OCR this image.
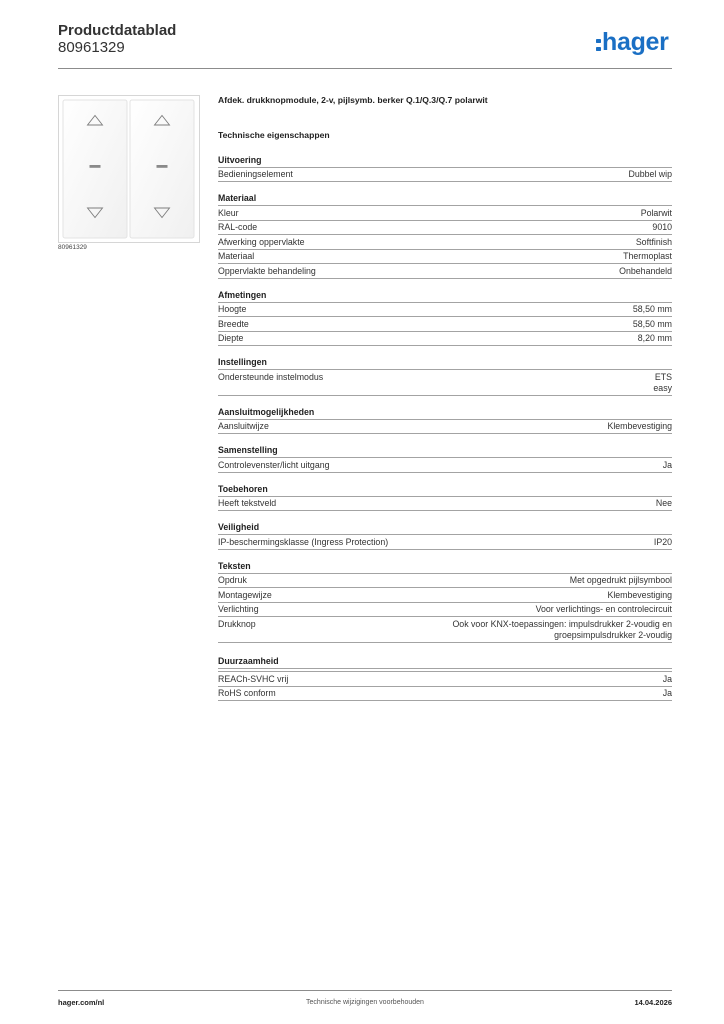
Productdatablad
80961329	hager
80961329
Afdek. drukknopmodule, 2-v, pijlsymb. berker Q.1/Q.3/Q.7 polarwit
Technische eigenschappen
Uitvoering
Bedieningselement	Dubbel wip
Materiaal
Kleur	Polarwit
RAL-code	9010
Afwerking oppervlakte	Softfinish
Materiaal	Thermoplast
Oppervlakte behandeling	Onbehandeld
Afmetingen
Hoogte	58,50 mm
Breedte	58,50 mm
Diepte	8,20 mm
Instellingen
Ondersteunde instelmodus	ETS
easy
Aansluitmogelijkheden
Aansluitwijze	Klembevestiging
Samenstelling
Controlevenster/licht uitgang	Ja
Toebehoren
Heeft tekstveld	Nee
Veiligheid
IP-beschermingsklasse (Ingress Protection)	IP20
Teksten
Opdruk	Met opgedrukt pijlsymbool
Montagewijze	Klembevestiging
Verlichting	Voor verlichtings- en controlecircuit
Drukknop	Ook voor KNX-toepassingen: impulsdrukker 2-voudig en groepsimpulsdrukker 2-voudig
Duurzaamheid
REACh-SVHC vrij	Ja
RoHS conform	Ja
hager.com/nl	Technische wijzigingen voorbehouden	14.04.2026
